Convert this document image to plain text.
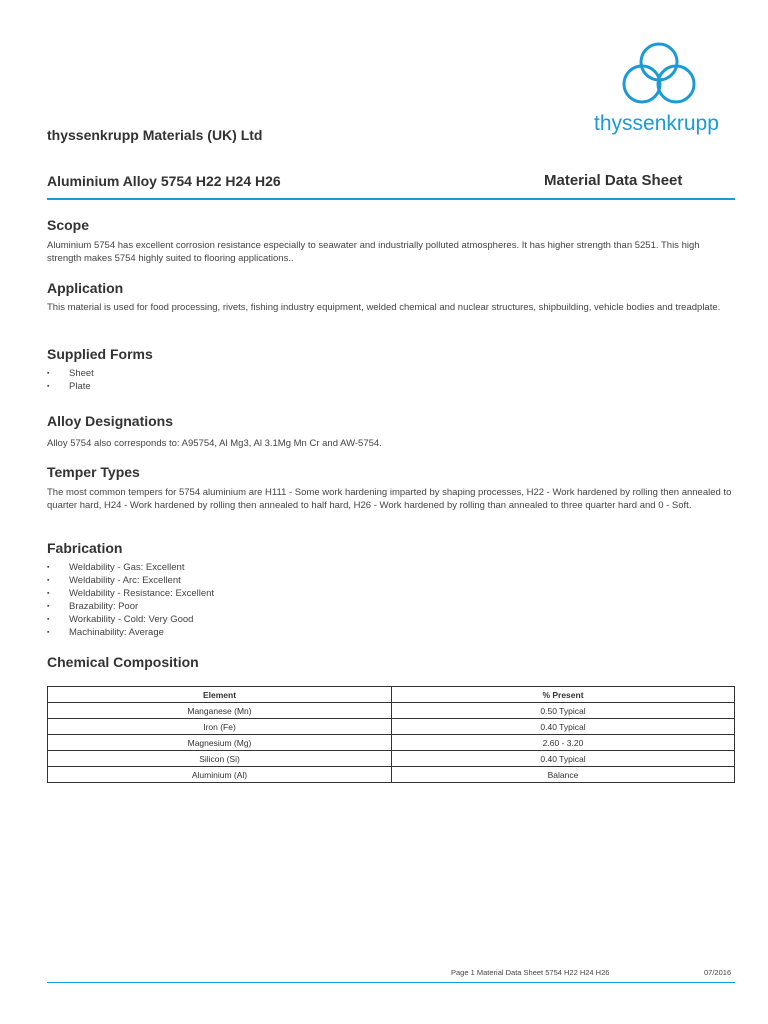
thyssenkrupp
thyssenkrupp Materials (UK) Ltd
Aluminium Alloy 5754 H22 H24 H26	Material Data Sheet
Scope

Aluminium 5754 has excellent corrosion resistance especially to seawater and industrially polluted atmospheres. It has higher strength than 5251. This high strength makes 5754 highly suited to flooring applications..

Application

This material is used for food processing, rivets, fishing industry equipment, welded chemical and nuclear structures, shipbuilding, vehicle bodies and treadplate.

Supplied Forms
▪ Sheet
▪ Plate
Alloy Designations

Alloy 5754 also corresponds to: A95754, Al Mg3, Al 3.1Mg Mn Cr and AW-5754.

Temper Types

The most common tempers for 5754 aluminium are H111 - Some work hardening imparted by shaping processes, H22 - Work hardened by rolling then annealed to quarter hard, H24 - Work hardened by rolling then annealed to half hard, H26 - Work hardened by rolling than annealed to three quarter hard and 0 - Soft.

Fabrication
▪ Weldability - Gas: Excellent
▪ Weldability - Arc: Excellent
▪ Weldability - Resistance: Excellent
▪ Brazability: Poor
▪ Workability - Cold: Very Good
▪ Machinability: Average
Chemical Composition
Element	% Present
Manganese (Mn)	0.50 Typical
Iron (Fe)	0.40 Typical
Magnesium (Mg)	2.60 - 3.20
Silicon (Si)	0.40 Typical
Aluminium (Al)	Balance
Page 1 Material Data Sheet 5754 H22 H24 H26	07/2016
